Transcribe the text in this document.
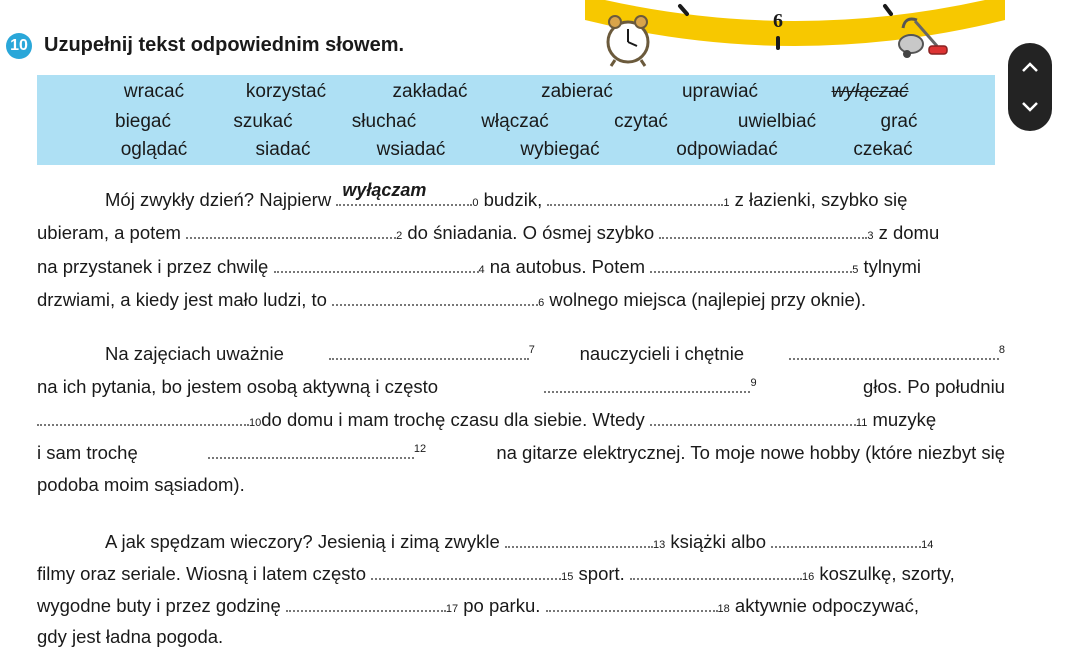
10 Uzupełnij tekst odpowiednim słowem.
6
wracać	korzystać	zakładać	zabierać	uprawiać	wyłączać
biegać	szukać	słuchać	włączać	czytać	uwielbiać	grać
oglądać	siadać	wsiadać	wybiegać	odpowiadać	czekać
Mój zwykły dzień? Najpierw wyłączam
0 budzik,	1 z łazienki, szybko się
ubieram, a potem	2 do śniadania. O ósmej szybko	3 z domu
na przystanek i przez chwilę	4 na autobus. Potem	5 tylnymi
drzwiami, a kiedy jest mało ludzi, to	6 wolnego miejsca (najlepiej przy oknie).
Na zajęciach uważnie	$^7$ nauczycieli i chętnie	$^8$
na ich pytania, bo jestem osobą aktywną i często	$^9$	głos. Po południu
10 do domu i mam trochę czasu dla siebie. Wtedy	11 muzykę
i sam trochę	$^{12}$	na gitarze elektrycznej. To moje nowe hobby (które niezbyt się
podoba moim sąsiadom).
A jak spędzam wieczory? Jesienią i zimą zwykle	13 książki albo	14
filmy oraz seriale. Wiosną i latem często	15 sport.	16 koszulkę, szorty,
wygodne buty i przez godzinę	17 po parku.	18 aktywnie odpoczywać,
gdy jest ładna pogoda.
